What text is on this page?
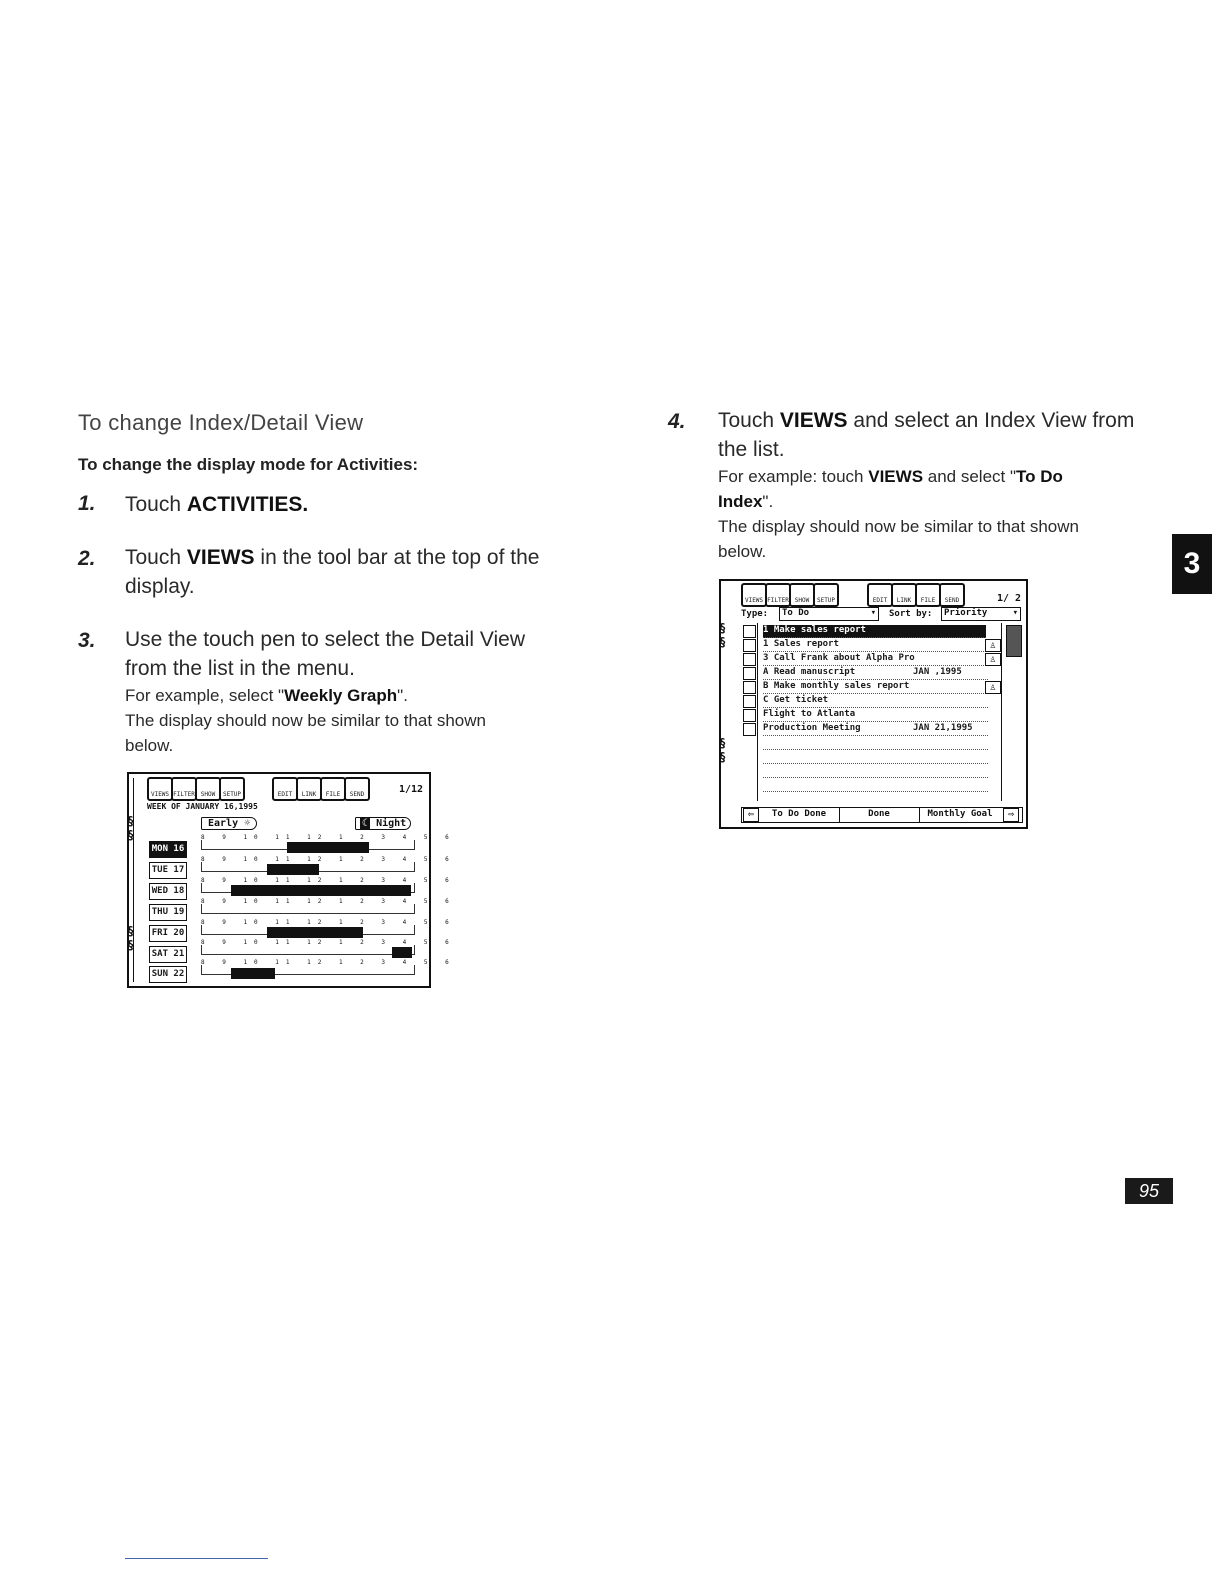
To change Index/Detail View
To change the display mode for Activities:
1. Touch ACTIVITIES.
2. Touch VIEWS in the tool bar at the top of the
display.
3. Use the touch pen to select the Detail View
from the list in the menu.
For example, select "Weekly Graph".
The display should now be similar to that shown
below.
§
§
§
§
VIEWS FILTER SHOW	SETUP	EDIT	LINK	FILE	SEND	1/12
WEEK OF JANUARY 16,1995
Early ☼	☾ Night
MON 16
TUE 17
WED 18
THU 19
FRI 20
SAT 21
SUN 22
8 9 10 11 12 1 2 3 4 5 6
8 9 10 11 12 1 2 3 4 5 6
8 9 10 11 12 1 2 3 4 5 6
8 9 10 11 12 1 2 3 4 5 6
8 9 10 11 12 1 2 3 4 5 6
8 9 10 11 12 1 2 3 4 5 6
8 9 10 11 12 1 2 3 4 5 6
4. Touch VIEWS and select an Index View from
the list.
For example: touch VIEWS and select "To Do
Index".
The display should now be similar to that shown
below.
§
§
§
§
VIEWS FILTER SHOW	SETUP	EDIT	LINK	FILE	SEND	1/ 2
Type:	To Do	▾ Sort by:	Priority	▾
1 Make sales report
1 Sales report
3 Call Frank about Alpha Pro
A Read manuscript	JAN ,1995
B Make monthly sales report
C Get ticket
Flight to Atlanta
Production Meeting	JAN 21,1995
♙
♙
♙
⇦	To Do Done	Done	Monthly Goal	⇨
3
95
